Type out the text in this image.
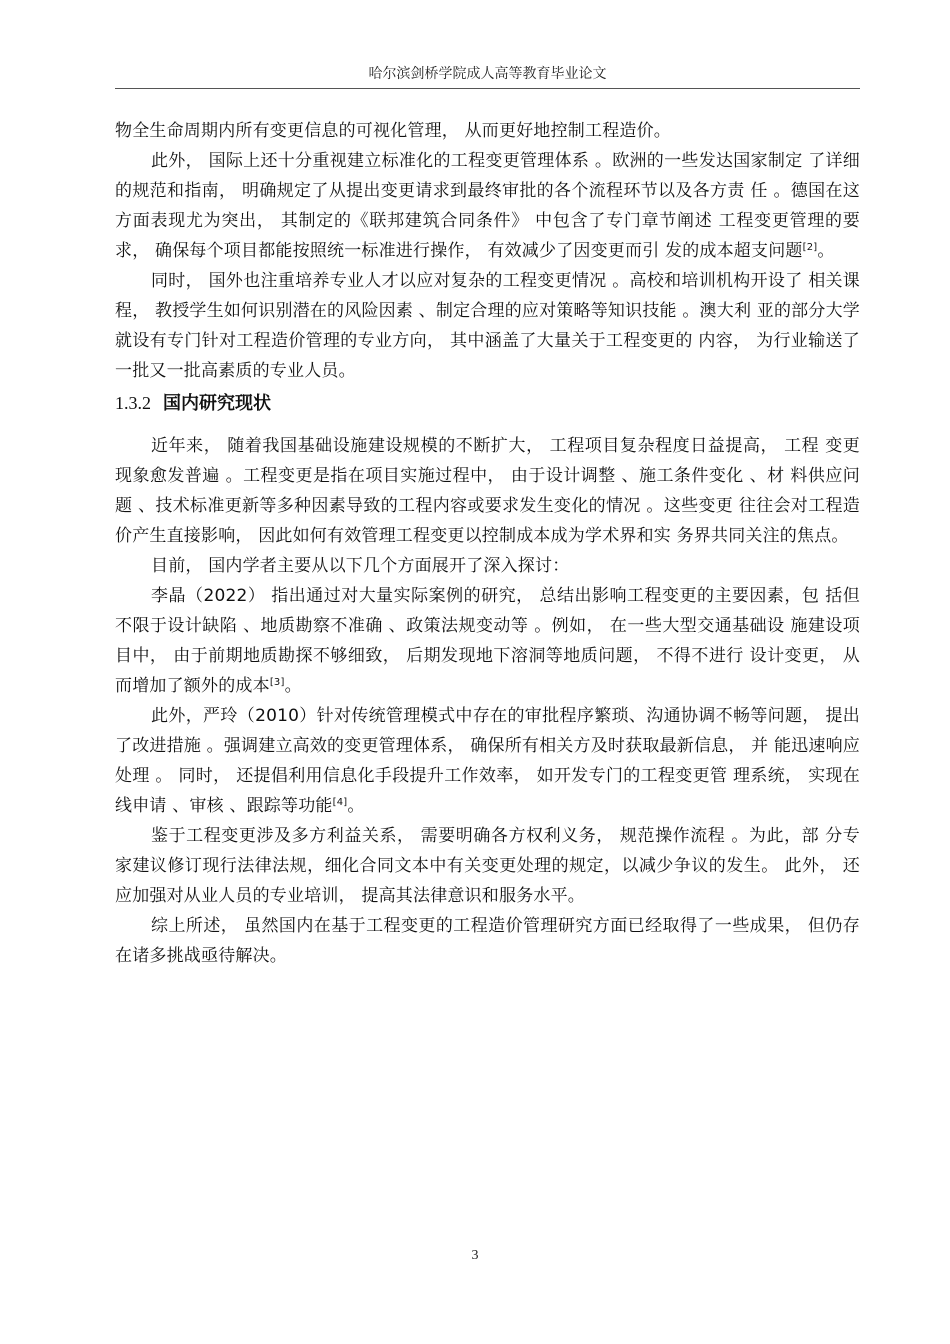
哈尔滨剑桥学院成人高等教育毕业论文

物全生命周期内所有变更信息的可视化管理， 从而更好地控制工程造价。

此外， 国际上还十分重视建立标准化的工程变更管理体系 。欧洲的一些发达国家制定 了详细的规范和指南， 明确规定了从提出变更请求到最终审批的各个流程环节以及各方责 任 。德国在这方面表现尤为突出， 其制定的《联邦建筑合同条件》 中包含了专门章节阐述 工程变更管理的要求， 确保每个项目都能按照统一标准进行操作， 有效减少了因变更而引 发的成本超支问题[2]。

同时， 国外也注重培养专业人才以应对复杂的工程变更情况 。高校和培训机构开设了 相关课程， 教授学生如何识别潜在的风险因素 、制定合理的应对策略等知识技能 。澳大利 亚的部分大学就设有专门针对工程造价管理的专业方向， 其中涵盖了大量关于工程变更的 内容， 为行业输送了一批又一批高素质的专业人员。

1.3.2 国内研究现状

近年来， 随着我国基础设施建设规模的不断扩大， 工程项目复杂程度日益提高， 工程 变更现象愈发普遍 。工程变更是指在项目实施过程中， 由于设计调整 、施工条件变化 、材 料供应问题 、技术标准更新等多种因素导致的工程内容或要求发生变化的情况 。这些变更 往往会对工程造价产生直接影响， 因此如何有效管理工程变更以控制成本成为学术界和实 务界共同关注的焦点。

目前， 国内学者主要从以下几个方面展开了深入探讨：

李晶（2022） 指出通过对大量实际案例的研究， 总结出影响工程变更的主要因素，包 括但不限于设计缺陷 、地质勘察不准确 、政策法规变动等 。例如， 在一些大型交通基础设 施建设项目中， 由于前期地质勘探不够细致， 后期发现地下溶洞等地质问题， 不得不进行 设计变更， 从而增加了额外的成本[3]。

此外，严玲（2010）针对传统管理模式中存在的审批程序繁琐、沟通协调不畅等问题， 提出了改进措施 。强调建立高效的变更管理体系， 确保所有相关方及时获取最新信息， 并 能迅速响应处理 。 同时， 还提倡利用信息化手段提升工作效率， 如开发专门的工程变更管 理系统， 实现在线申请 、审核 、跟踪等功能[4]。

鉴于工程变更涉及多方利益关系， 需要明确各方权利义务， 规范操作流程 。为此，部 分专家建议修订现行法律法规，细化合同文本中有关变更处理的规定，以减少争议的发生。 此外， 还应加强对从业人员的专业培训， 提高其法律意识和服务水平。

综上所述， 虽然国内在基于工程变更的工程造价管理研究方面已经取得了一些成果， 但仍存在诸多挑战亟待解决。

3
